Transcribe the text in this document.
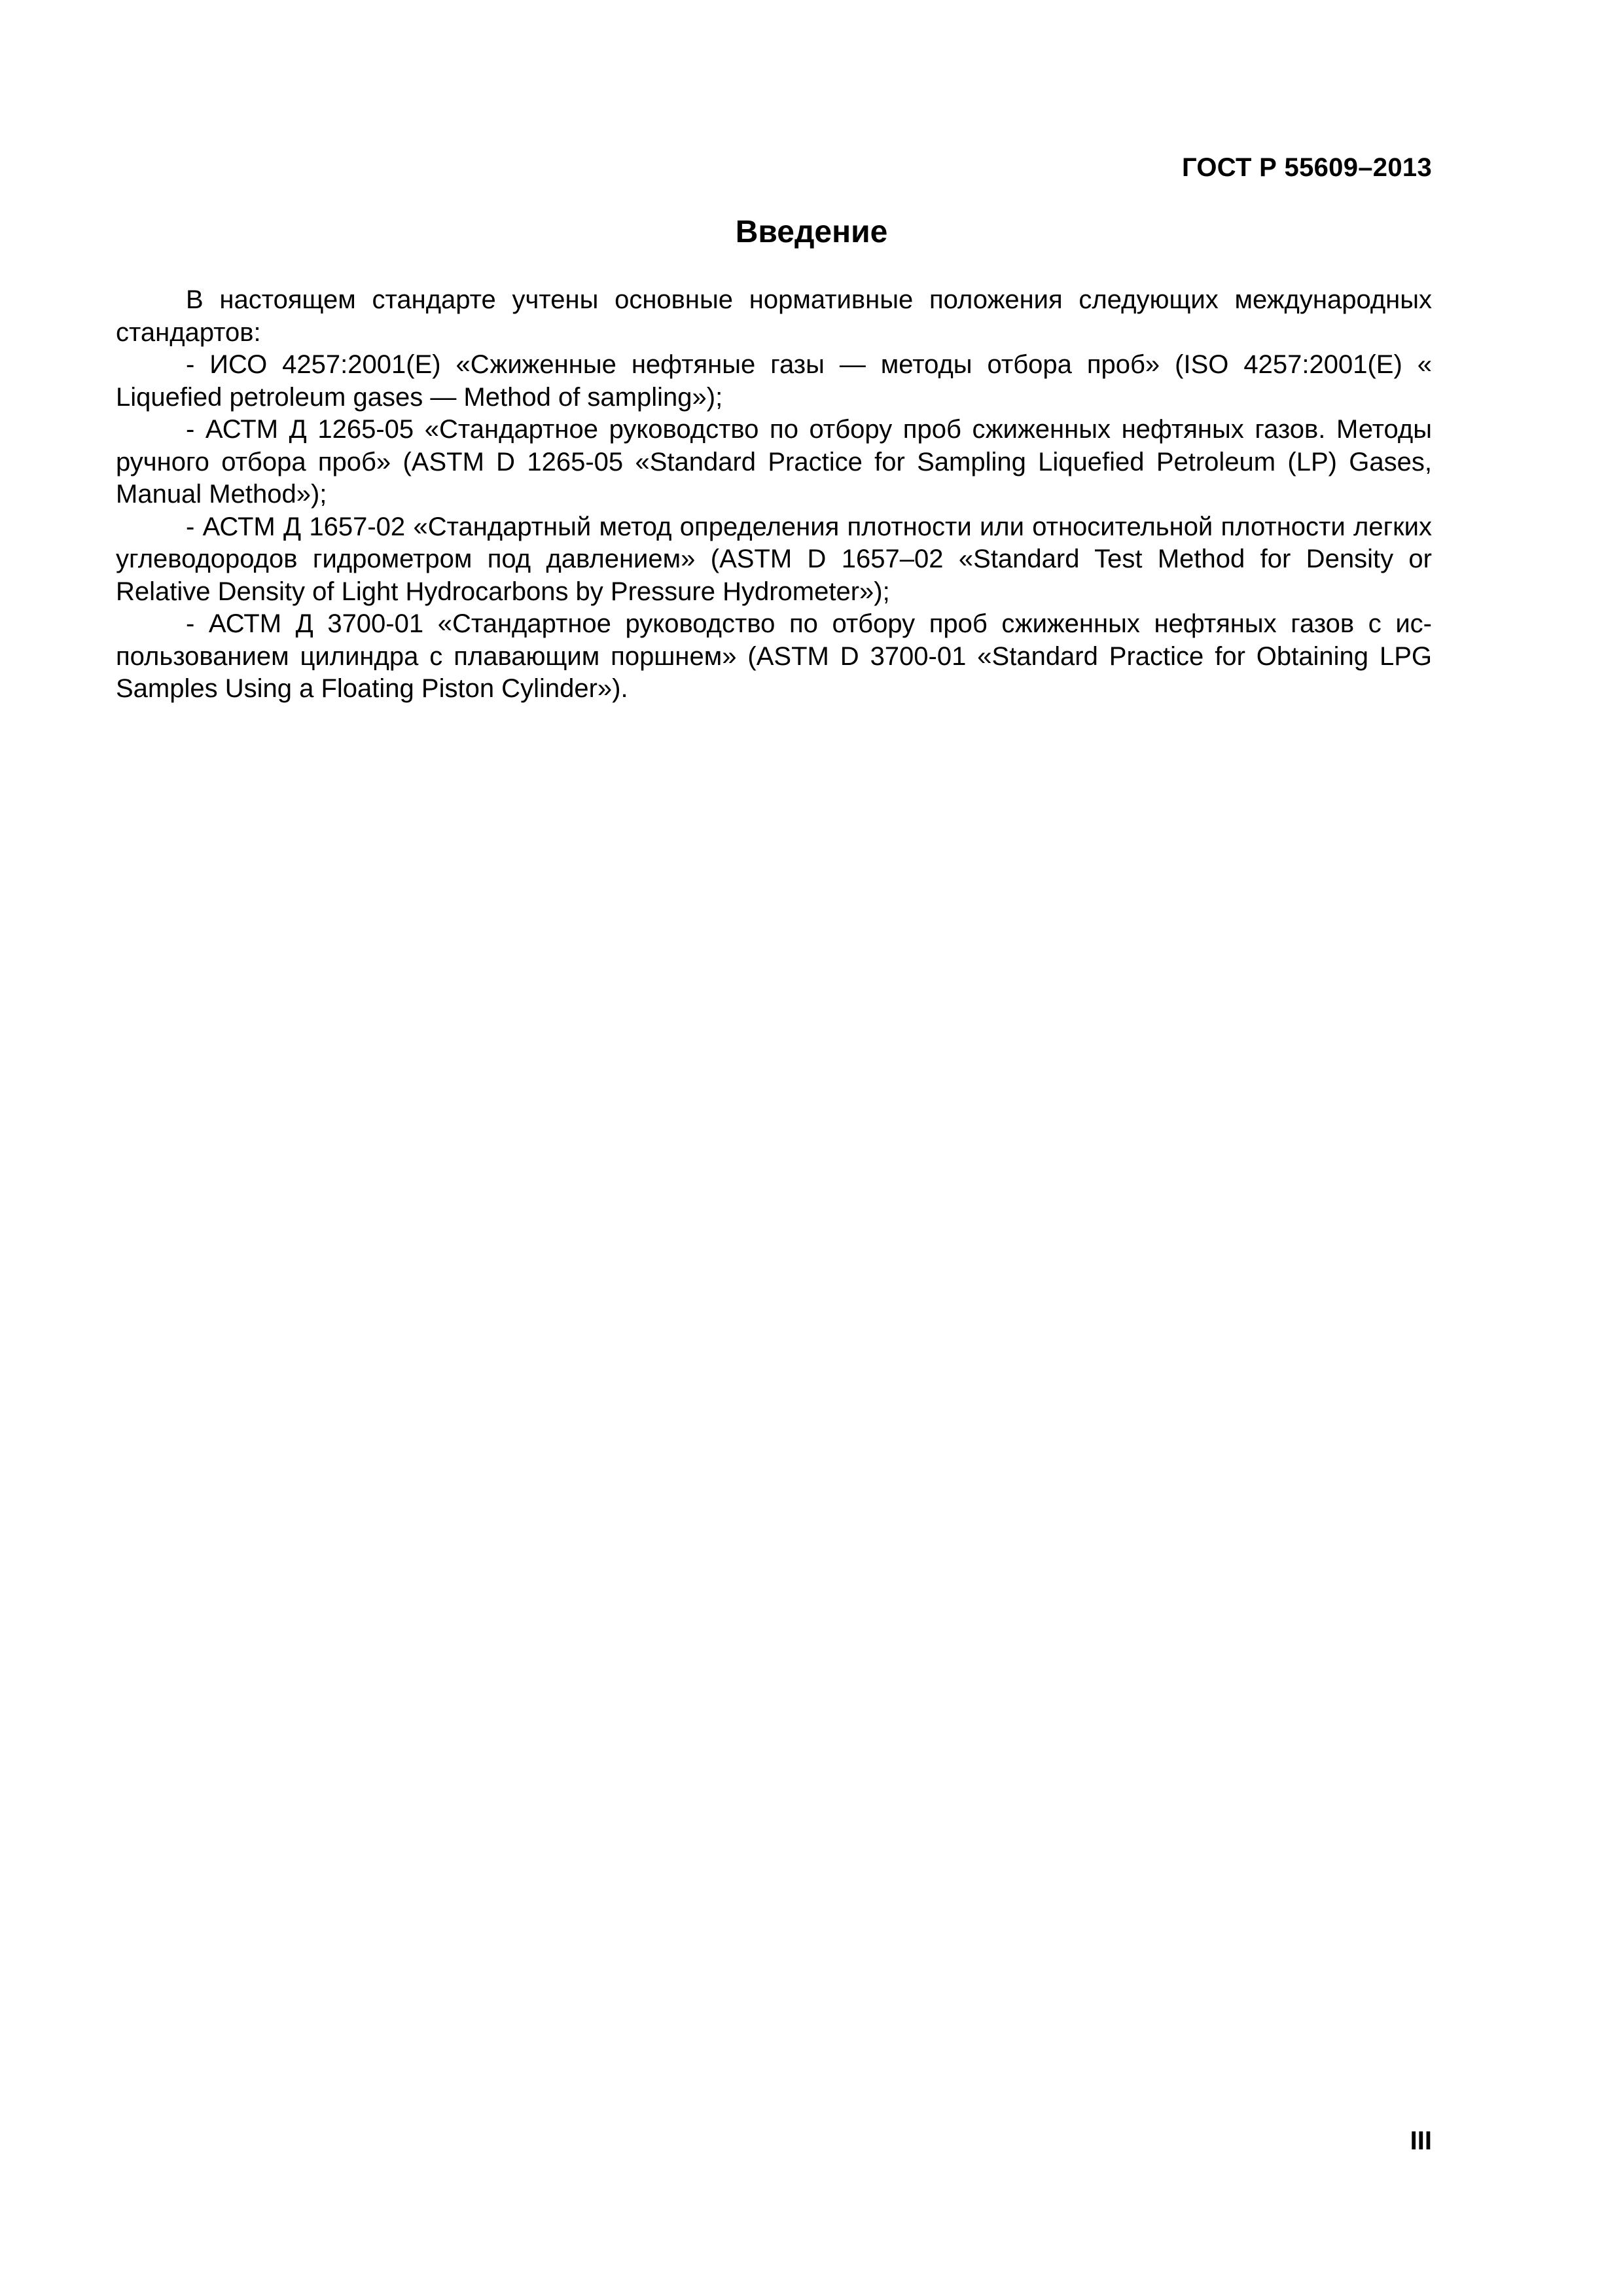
ГОСТ Р 55609–2013
Введение

В настоящем стандарте учтены основные нормативные положения следующих международных стандартов:

- ИСО 4257:2001(Е) «Сжиженные нефтяные газы — методы отбора проб» (ISO 4257:2001(E) « Liquefied petroleum gases — Method of sampling»);

- АСТМ Д 1265-05 «Стандартное руководство по отбору проб сжиженных нефтяных газов. Методы ручного отбора проб» (ASTM D 1265-05 «Standard Practice for Sampling Liquefied Petroleum (LP) Gases, Manual Method»);

- АСТМ Д 1657-02 «Стандартный метод определения плотности или относительной плотности легких углеводородов гидрометром под давлением» (ASTM D 1657–02 «Standard Test Method for Density or Relative Density of Light Hydrocarbons by Pressure Hydrometer»);

- АСТМ Д 3700-01 «Стандартное руководство по отбору проб сжиженных нефтяных газов с использованием цилиндра с плавающим поршнем» (ASTM D 3700-01 «Standard Practice for Obtaining LPG Samples Using a Floating Piston Cylinder»).

III
